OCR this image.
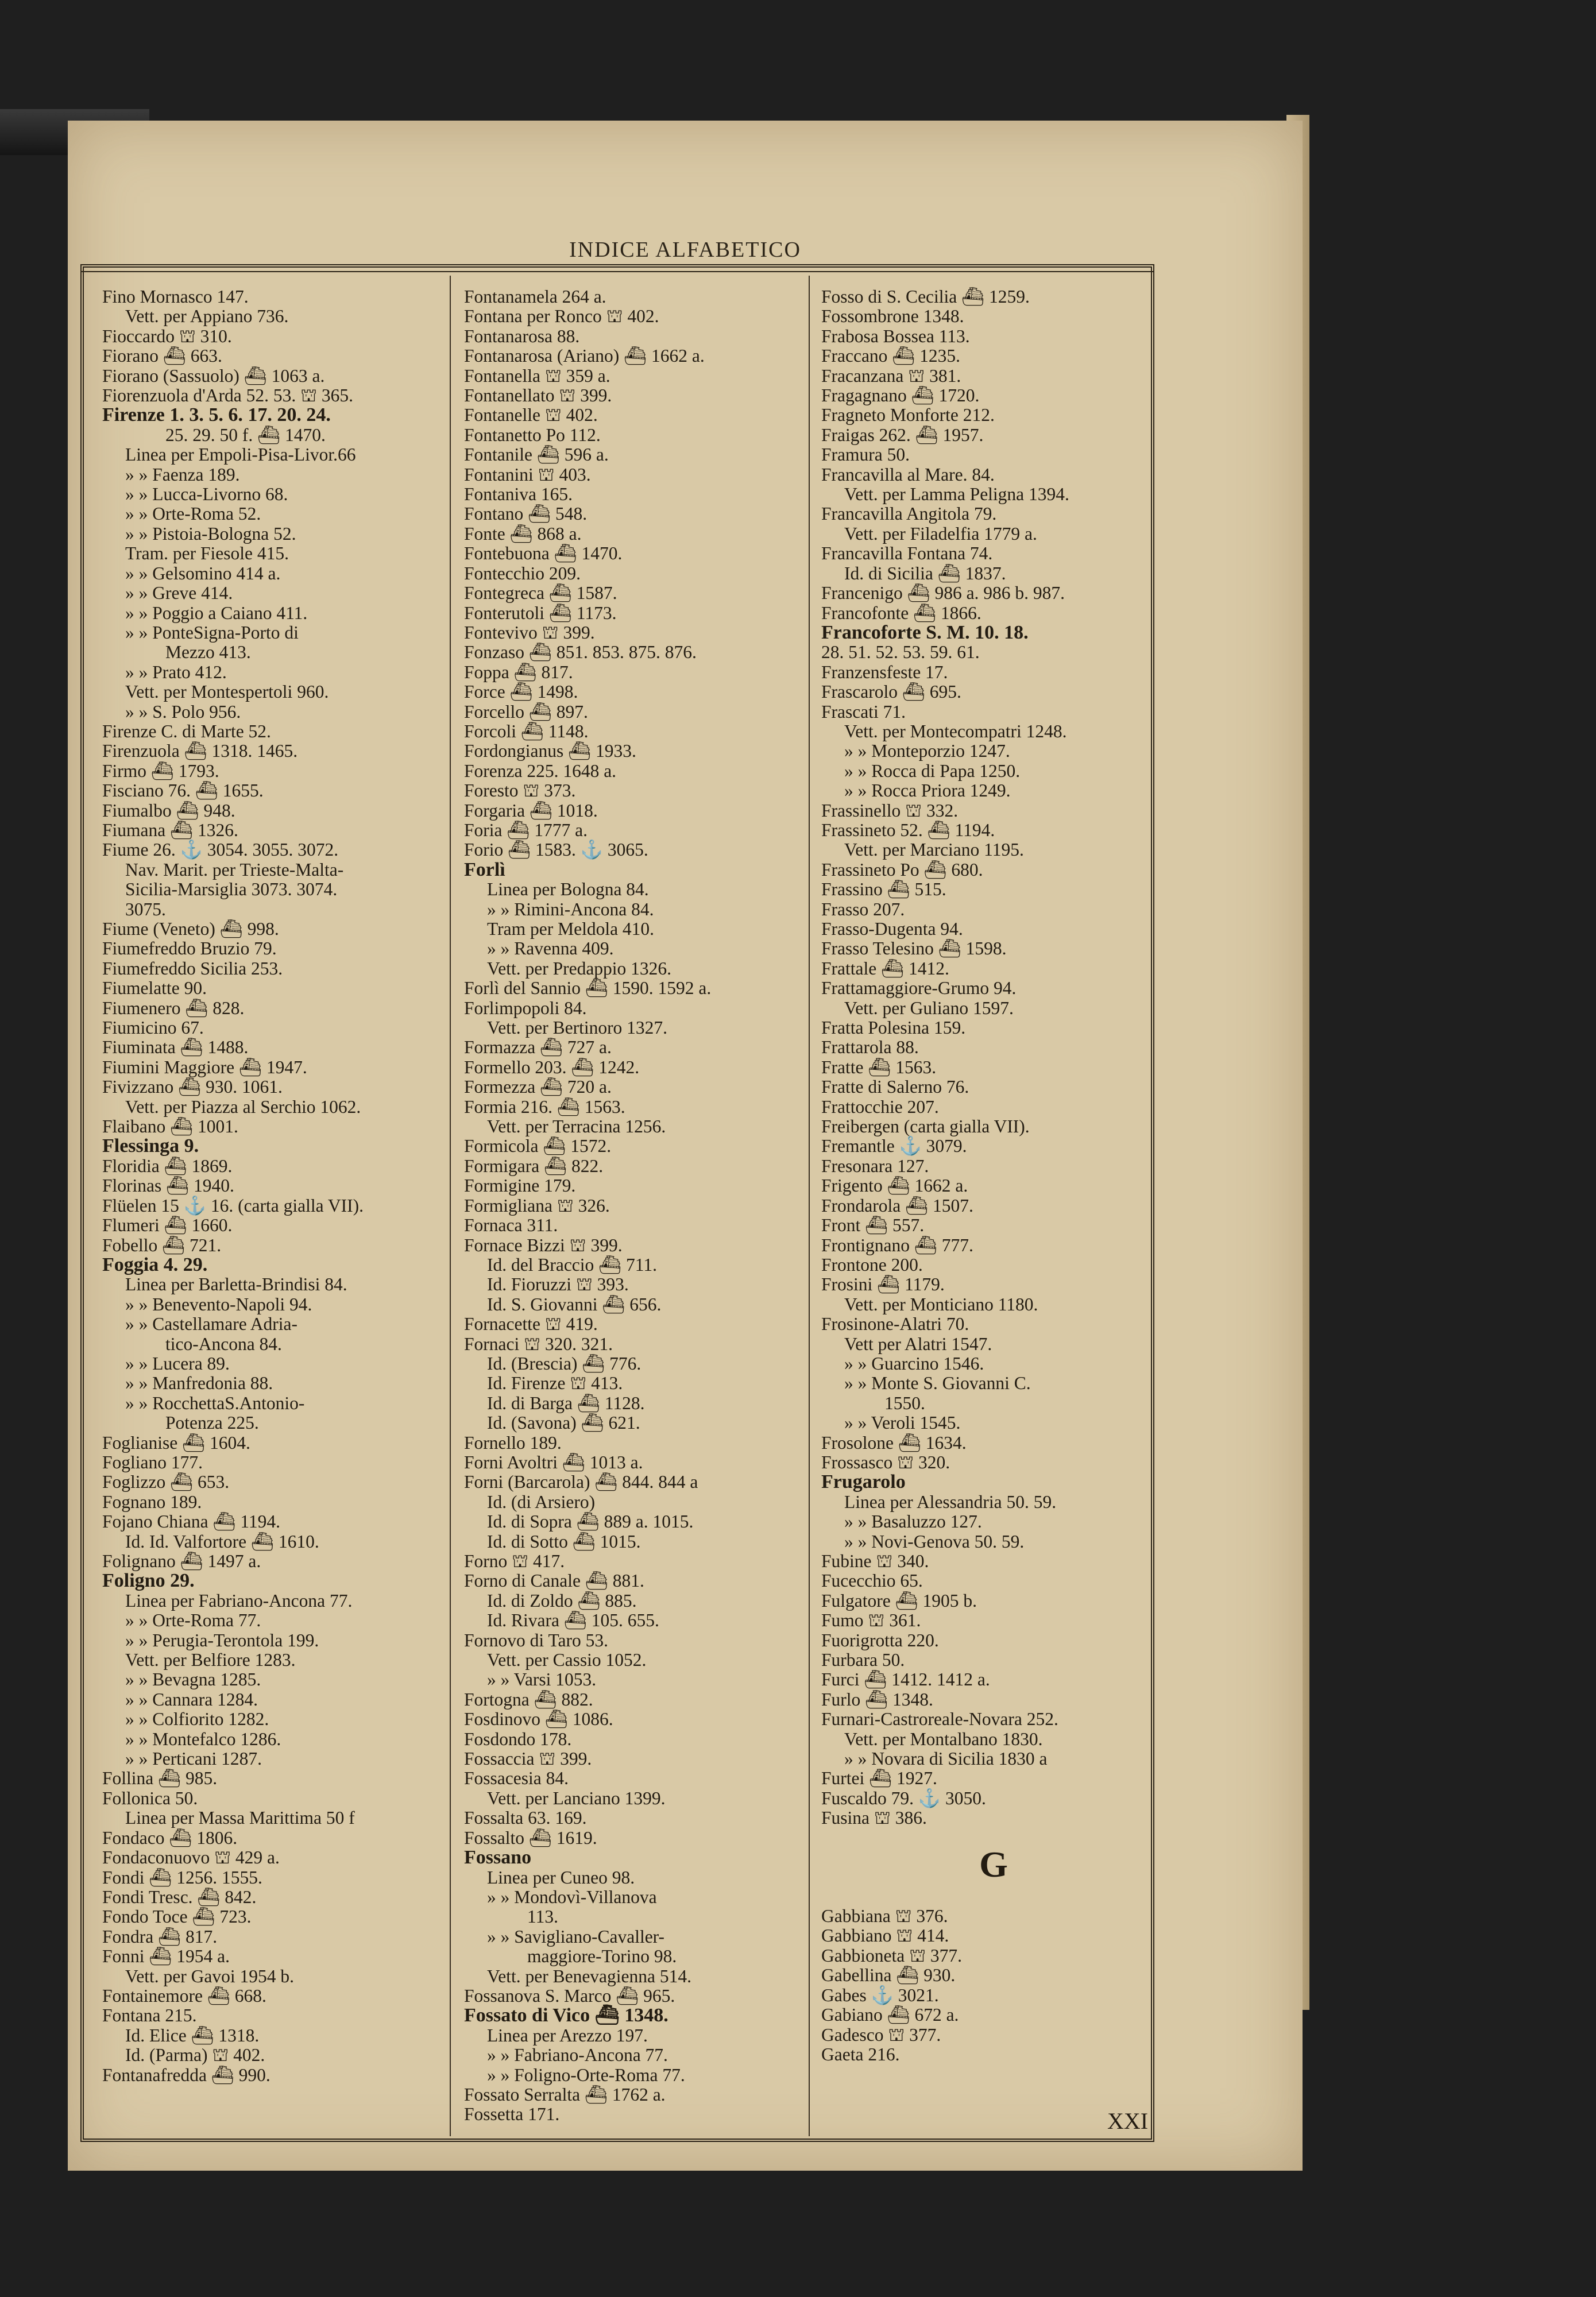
INDICE ALFABETICO
Fino Mornasco 147.
Vett. per Appiano 736.
Fioccardo ⛫ 310.
Fiorano ⛴ 663.
Fiorano (Sassuolo) ⛴ 1063 a.
Fiorenzuola d'Arda 52. 53. ⛫ 365.
Firenze 1. 3. 5. 6. 17. 20. 24.
25. 29. 50 f. ⛴ 1470.
Linea per Empoli-Pisa-Livor.66
» » Faenza 189.
» » Lucca-Livorno 68.
» » Orte-Roma 52.
» » Pistoia-Bologna 52.
Tram. per Fiesole 415.
» » Gelsomino 414 a.
» » Greve 414.
» » Poggio a Caiano 411.
» » PonteSigna-Porto di
Mezzo 413.
» » Prato 412.
Vett. per Montespertoli 960.
» » S. Polo 956.
Firenze C. di Marte 52.
Firenzuola ⛴ 1318. 1465.
Firmo ⛴ 1793.
Fisciano 76. ⛴ 1655.
Fiumalbo ⛴ 948.
Fiumana ⛴ 1326.
Fiume 26. ⚓ 3054. 3055. 3072.
Nav. Marit. per Trieste-Malta-
Sicilia-Marsiglia 3073. 3074.
3075.
Fiume (Veneto) ⛴ 998.
Fiumefreddo Bruzio 79.
Fiumefreddo Sicilia 253.
Fiumelatte 90.
Fiumenero ⛴ 828.
Fiumicino 67.
Fiuminata ⛴ 1488.
Fiumini Maggiore ⛴ 1947.
Fivizzano ⛴ 930. 1061.
Vett. per Piazza al Serchio 1062.
Flaibano ⛴ 1001.
Flessinga 9.
Floridia ⛴ 1869.
Florinas ⛴ 1940.
Flüelen 15 ⚓ 16. (carta gialla VII).
Flumeri ⛴ 1660.
Fobello ⛴ 721.
Foggia 4. 29.
Linea per Barletta-Brindisi 84.
» » Benevento-Napoli 94.
» » Castellamare Adria-
tico-Ancona 84.
» » Lucera 89.
» » Manfredonia 88.
» » RocchettaS.Antonio-
Potenza 225.
Foglianise ⛴ 1604.
Fogliano 177.
Foglizzo ⛴ 653.
Fognano 189.
Fojano Chiana ⛴ 1194.
Id. Id. Valfortore ⛴ 1610.
Folignano ⛴ 1497 a.
Foligno 29.
Linea per Fabriano-Ancona 77.
» » Orte-Roma 77.
» » Perugia-Terontola 199.
Vett. per Belfiore 1283.
» » Bevagna 1285.
» » Cannara 1284.
» » Colfiorito 1282.
» » Montefalco 1286.
» » Perticani 1287.
Follina ⛴ 985.
Follonica 50.
Linea per Massa Marittima 50 f
Fondaco ⛴ 1806.
Fondaconuovo ⛫ 429 a.
Fondi ⛴ 1256. 1555.
Fondi Tresc. ⛴ 842.
Fondo Toce ⛴ 723.
Fondra ⛴ 817.
Fonni ⛴ 1954 a.
Vett. per Gavoi 1954 b.
Fontainemore ⛴ 668.
Fontana 215.
Id. Elice ⛴ 1318.
Id. (Parma) ⛫ 402.
Fontanafredda ⛴ 990.
Fontanamela 264 a.
Fontana per Ronco ⛫ 402.
Fontanarosa 88.
Fontanarosa (Ariano) ⛴ 1662 a.
Fontanella ⛫ 359 a.
Fontanellato ⛫ 399.
Fontanelle ⛫ 402.
Fontanetto Po 112.
Fontanile ⛴ 596 a.
Fontanini ⛫ 403.
Fontaniva 165.
Fontano ⛴ 548.
Fonte ⛴ 868 a.
Fontebuona ⛴ 1470.
Fontecchio 209.
Fontegreca ⛴ 1587.
Fonterutoli ⛴ 1173.
Fontevivo ⛫ 399.
Fonzaso ⛴ 851. 853. 875. 876.
Foppa ⛴ 817.
Force ⛴ 1498.
Forcello ⛴ 897.
Forcoli ⛴ 1148.
Fordongianus ⛴ 1933.
Forenza 225. 1648 a.
Foresto ⛫ 373.
Forgaria ⛴ 1018.
Foria ⛴ 1777 a.
Forio ⛴ 1583. ⚓ 3065.
Forlì
Linea per Bologna 84.
» » Rimini-Ancona 84.
Tram per Meldola 410.
» » Ravenna 409.
Vett. per Predappio 1326.
Forlì del Sannio ⛴ 1590. 1592 a.
Forlimpopoli 84.
Vett. per Bertinoro 1327.
Formazza ⛴ 727 a.
Formello 203. ⛴ 1242.
Formezza ⛴ 720 a.
Formia 216. ⛴ 1563.
Vett. per Terracina 1256.
Formicola ⛴ 1572.
Formigara ⛴ 822.
Formigine 179.
Formigliana ⛫ 326.
Fornaca 311.
Fornace Bizzi ⛫ 399.
Id. del Braccio ⛴ 711.
Id. Fioruzzi ⛫ 393.
Id. S. Giovanni ⛴ 656.
Fornacette ⛫ 419.
Fornaci ⛫ 320. 321.
Id. (Brescia) ⛴ 776.
Id. Firenze ⛫ 413.
Id. di Barga ⛴ 1128.
Id. (Savona) ⛴ 621.
Fornello 189.
Forni Avoltri ⛴ 1013 a.
Forni (Barcarola) ⛴ 844. 844 a
Id. (di Arsiero)
Id. di Sopra ⛴ 889 a. 1015.
Id. di Sotto ⛴ 1015.
Forno ⛫ 417.
Forno di Canale ⛴ 881.
Id. di Zoldo ⛴ 885.
Id. Rivara ⛴ 105. 655.
Fornovo di Taro 53.
Vett. per Cassio 1052.
» » Varsi 1053.
Fortogna ⛴ 882.
Fosdinovo ⛴ 1086.
Fosdondo 178.
Fossaccia ⛫ 399.
Fossacesia 84.
Vett. per Lanciano 1399.
Fossalta 63. 169.
Fossalto ⛴ 1619.
Fossano
Linea per Cuneo 98.
» » Mondovì-Villanova
113.
» » Savigliano-Cavaller-
maggiore-Torino 98.
Vett. per Benevagienna 514.
Fossanova S. Marco ⛴ 965.
Fossato di Vico ⛴ 1348.
Linea per Arezzo 197.
» » Fabriano-Ancona 77.
» » Foligno-Orte-Roma 77.
Fossato Serralta ⛴ 1762 a.
Fossetta 171.
Fosso di S. Cecilia ⛴ 1259.
Fossombrone 1348.
Frabosa Bossea 113.
Fraccano ⛴ 1235.
Fracanzana ⛫ 381.
Fragagnano ⛴ 1720.
Fragneto Monforte 212.
Fraigas 262. ⛴ 1957.
Framura 50.
Francavilla al Mare. 84.
Vett. per Lamma Peligna 1394.
Francavilla Angitola 79.
Vett. per Filadelfia 1779 a.
Francavilla Fontana 74.
Id. di Sicilia ⛴ 1837.
Francenigo ⛴ 986 a. 986 b. 987.
Francofonte ⛴ 1866.
Francoforte S. M. 10. 18.
28. 51. 52. 53. 59. 61.
Franzensfeste 17.
Frascarolo ⛴ 695.
Frascati 71.
Vett. per Montecompatri 1248.
» » Monteporzio 1247.
» » Rocca di Papa 1250.
» » Rocca Priora 1249.
Frassinello ⛫ 332.
Frassineto 52. ⛴ 1194.
Vett. per Marciano 1195.
Frassineto Po ⛴ 680.
Frassino ⛴ 515.
Frasso 207.
Frasso-Dugenta 94.
Frasso Telesino ⛴ 1598.
Frattale ⛴ 1412.
Frattamaggiore-Grumo 94.
Vett. per Guliano 1597.
Fratta Polesina 159.
Frattarola 88.
Fratte ⛴ 1563.
Fratte di Salerno 76.
Frattocchie 207.
Freibergen (carta gialla VII).
Fremantle ⚓ 3079.
Fresonara 127.
Frigento ⛴ 1662 a.
Frondarola ⛴ 1507.
Front ⛴ 557.
Frontignano ⛴ 777.
Frontone 200.
Frosini ⛴ 1179.
Vett. per Monticiano 1180.
Frosinone-Alatri 70.
Vett per Alatri 1547.
» » Guarcino 1546.
» » Monte S. Giovanni C.
1550.
» » Veroli 1545.
Frosolone ⛴ 1634.
Frossasco ⛫ 320.
Frugarolo
Linea per Alessandria 50. 59.
» » Basaluzzo 127.
» » Novi-Genova 50. 59.
Fubine ⛫ 340.
Fucecchio 65.
Fulgatore ⛴ 1905 b.
Fumo ⛫ 361.
Fuorigrotta 220.
Furbara 50.
Furci ⛴ 1412. 1412 a.
Furlo ⛴ 1348.
Furnari-Castroreale-Novara 252.
Vett. per Montalbano 1830.
» » Novara di Sicilia 1830 a
Furtei ⛴ 1927.
Fuscaldo 79. ⚓ 3050.
Fusina ⛫ 386.
G
Gabbiana ⛫ 376.
Gabbiano ⛫ 414.
Gabbioneta ⛫ 377.
Gabellina ⛴ 930.
Gabes ⚓ 3021.
Gabiano ⛴ 672 a.
Gadesco ⛫ 377.
Gaeta 216.
XXI
